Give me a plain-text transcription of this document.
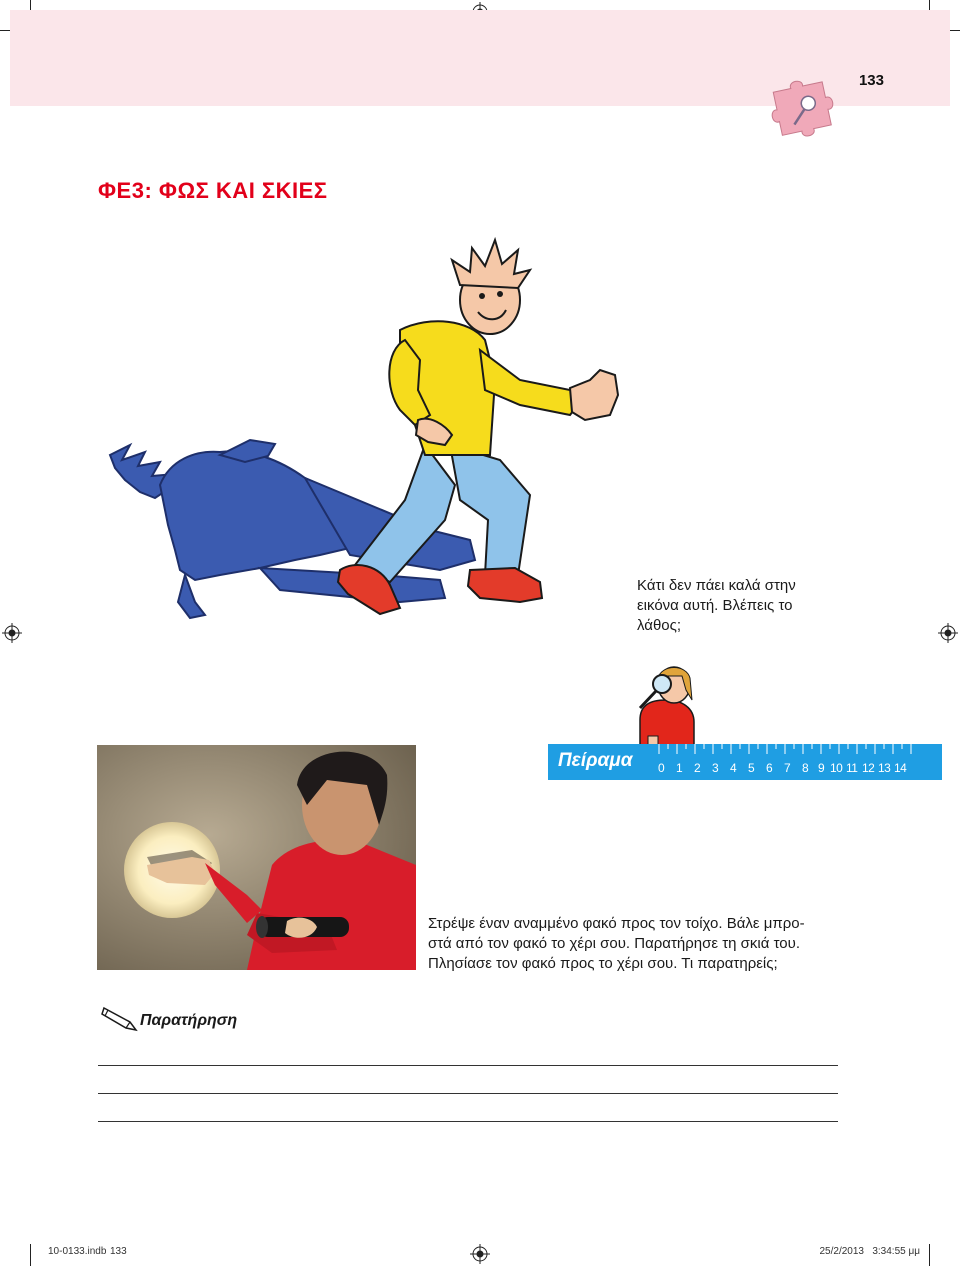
133
ΦΕ3: ΦΩΣ ΚΑΙ ΣΚΙΕΣ
Κάτι δεν πάει καλά στην
εικόνα αυτή. Βλέπεις το
λάθος;
Πείραμα 0 1 2 3 4 5 6 7 8 9 10 11 12 13 14
Στρέψε έναν αναμμένο φακό προς τον τοίχο. Βάλε μπρο-
στά από τον φακό το χέρι σου. Παρατήρησε τη σκιά του.
Πλησίασε τον φακό προς το χέρι σου. Τι παρατηρείς;
Παρατήρηση
10-0133.indb 133	25/2/2013   3:34:55 μμ
